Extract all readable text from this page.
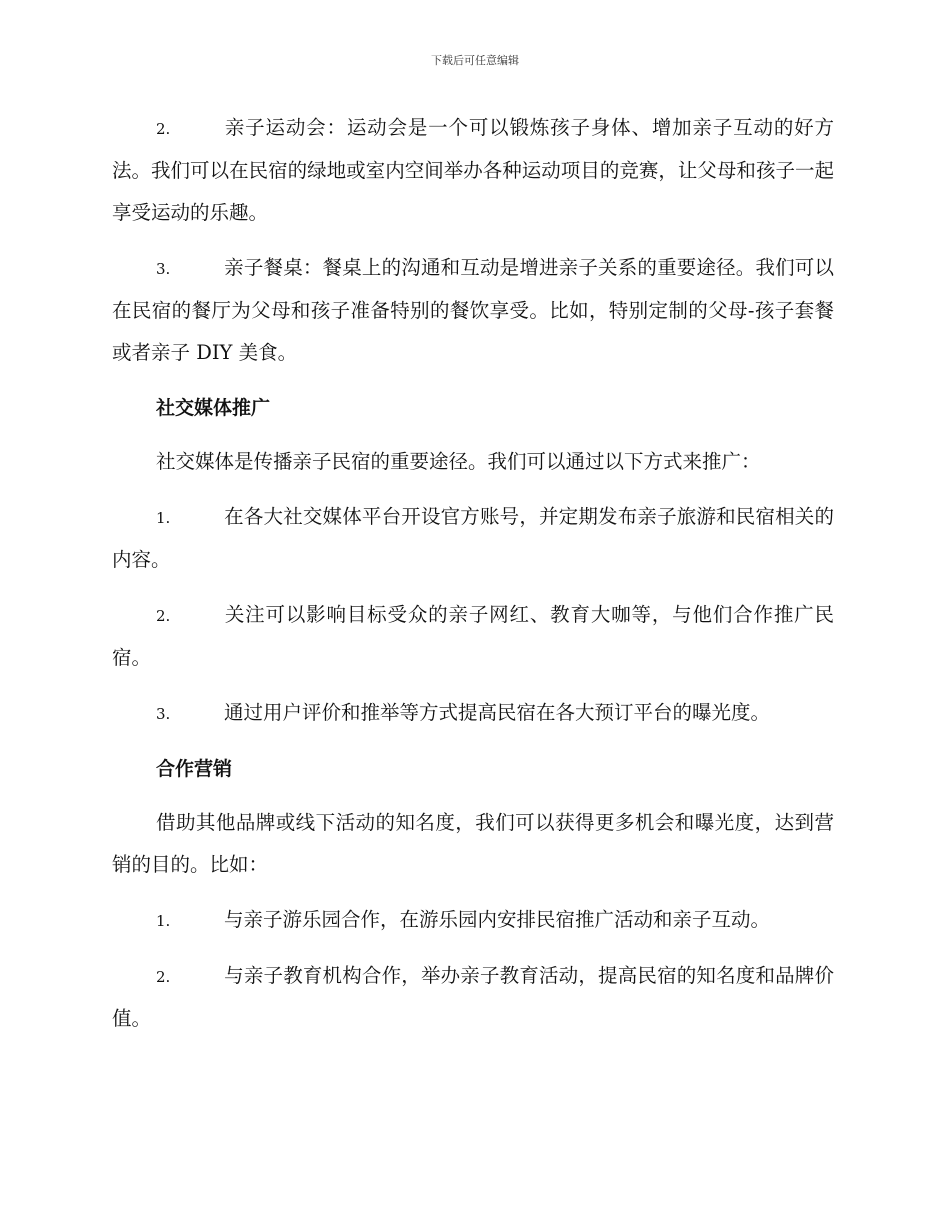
下载后可任意编辑

2.	亲子运动会：运动会是一个可以锻炼孩子身体、增加亲子互动的好方法。我们可以在民宿的绿地或室内空间举办各种运动项目的竞赛，让父母和孩子一起享受运动的乐趣。

3.	亲子餐桌：餐桌上的沟通和互动是增进亲子关系的重要途径。我们可以在民宿的餐厅为父母和孩子准备特别的餐饮享受。比如，特别定制的父母-孩子套餐或者亲子 DIY 美食。

社交媒体推广

社交媒体是传播亲子民宿的重要途径。我们可以通过以下方式来推广：

1.	在各大社交媒体平台开设官方账号，并定期发布亲子旅游和民宿相关的内容。

2.	关注可以影响目标受众的亲子网红、教育大咖等，与他们合作推广民宿。

3.	通过用户评价和推举等方式提高民宿在各大预订平台的曝光度。

合作营销

借助其他品牌或线下活动的知名度，我们可以获得更多机会和曝光度，达到营销的目的。比如：

1.	与亲子游乐园合作，在游乐园内安排民宿推广活动和亲子互动。

2.	与亲子教育机构合作，举办亲子教育活动，提高民宿的知名度和品牌价值。
